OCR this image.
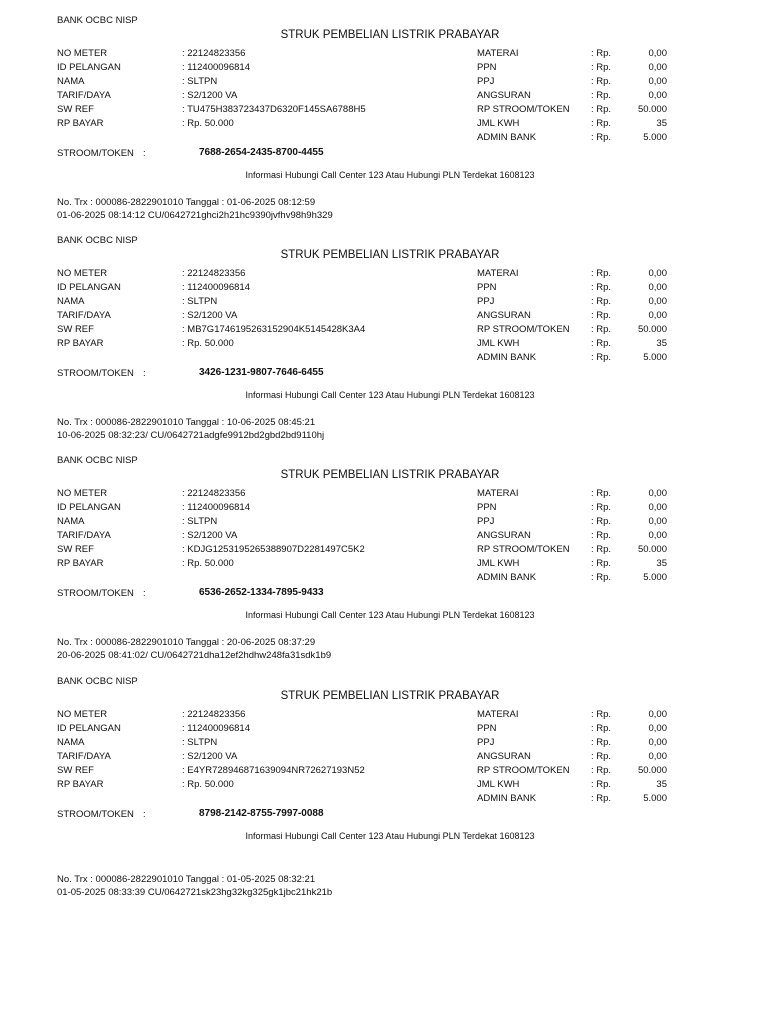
BANK OCBC NISP
STRUK PEMBELIAN LISTRIK PRABAYAR
NO METER	: 22124823356
ID PELANGAN	: 112400096814
NAMA	: SLTPN
TARIF/DAYA	: S2/1200 VA
SW REF	: TU475H383723437D6320F145SA6788H5
RP BAYAR	: Rp. 50.000
MATERAI	: Rp.	0,00
PPN	: Rp.	0,00
PPJ	: Rp.	0,00
ANGSURAN	: Rp.	0,00
RP STROOM/TOKEN : Rp.	50.000
JML KWH	: Rp.	35
ADMIN BANK	: Rp.	5.000
STROOM/TOKEN :	7688-2654-2435-8700-4455
Informasi Hubungi Call Center 123 Atau Hubungi PLN Terdekat 1608123
No. Trx : 000086-2822901010 Tanggal : 01-06-2025 08:12:59
01-06-2025 08:14:12 CU/0642721ghci2h21hc9390jvfhv98h9h329
BANK OCBC NISP
STRUK PEMBELIAN LISTRIK PRABAYAR
NO METER	: 22124823356
ID PELANGAN	: 112400096814
NAMA	: SLTPN
TARIF/DAYA	: S2/1200 VA
SW REF	: MB7G1746195263152904K5145428K3A4
RP BAYAR	: Rp. 50.000
MATERAI	: Rp.	0,00
PPN	: Rp.	0,00
PPJ	: Rp.	0,00
ANGSURAN	: Rp.	0,00
RP STROOM/TOKEN : Rp.	50.000
JML KWH	: Rp.	35
ADMIN BANK	: Rp.	5.000
STROOM/TOKEN :	3426-1231-9807-7646-6455
Informasi Hubungi Call Center 123 Atau Hubungi PLN Terdekat 1608123
No. Trx : 000086-2822901010 Tanggal : 10-06-2025 08:45:21
10-06-2025 08:32:23/ CU/0642721adgfe9912bd2gbd2bd9110hj
BANK OCBC NISP
STRUK PEMBELIAN LISTRIK PRABAYAR
NO METER	: 22124823356
ID PELANGAN	: 112400096814
NAMA	: SLTPN
TARIF/DAYA	: S2/1200 VA
SW REF	: KDJG1253195265388907D2281497C5K2
RP BAYAR	: Rp. 50.000
MATERAI	: Rp.	0,00
PPN	: Rp.	0,00
PPJ	: Rp.	0,00
ANGSURAN	: Rp.	0,00
RP STROOM/TOKEN : Rp.	50.000
JML KWH	: Rp.	35
ADMIN BANK	: Rp.	5.000
STROOM/TOKEN :	6536-2652-1334-7895-9433
Informasi Hubungi Call Center 123 Atau Hubungi PLN Terdekat 1608123
No. Trx : 000086-2822901010 Tanggal : 20-06-2025 08:37:29
20-06-2025 08:41:02/ CU/0642721dha12ef2hdhw248fa31sdk1b9
BANK OCBC NISP
STRUK PEMBELIAN LISTRIK PRABAYAR
NO METER	: 22124823356
ID PELANGAN	: 112400096814
NAMA	: SLTPN
TARIF/DAYA	: S2/1200 VA
SW REF	: E4YR728946871639094NR72627193N52
RP BAYAR	: Rp. 50.000
MATERAI	: Rp.	0,00
PPN	: Rp.	0,00
PPJ	: Rp.	0,00
ANGSURAN	: Rp.	0,00
RP STROOM/TOKEN : Rp.	50.000
JML KWH	: Rp.	35
ADMIN BANK	: Rp.	5.000
STROOM/TOKEN :	8798-2142-8755-7997-0088
Informasi Hubungi Call Center 123 Atau Hubungi PLN Terdekat 1608123
No. Trx : 000086-2822901010 Tanggal : 01-05-2025 08:32:21
01-05-2025 08:33:39 CU/0642721sk23hg32kg325gk1jbc21hk21b
